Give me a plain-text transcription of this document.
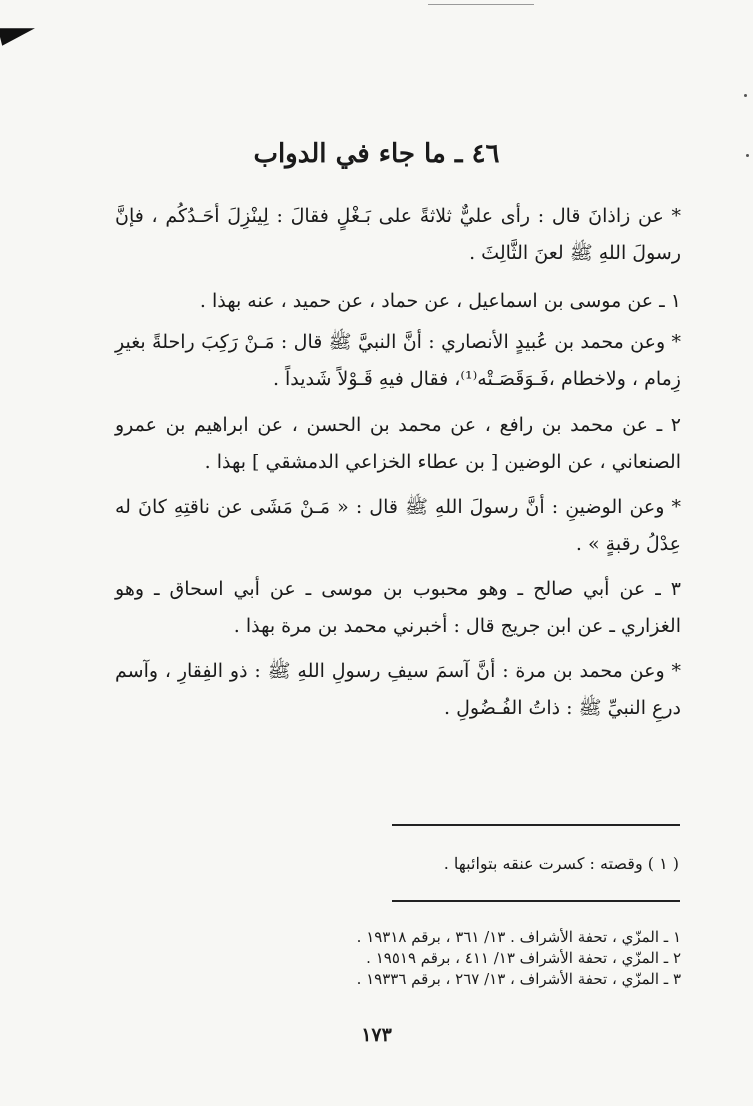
٤٦ ـ ما جاء في الدواب
* عن زاذانَ قال : رأى عليٌّ ثلاثةً على بَـغْلٍ فقالَ : لِينْزِلَ أحَـدُكُم ، فإنَّ رسولَ اللهِ ﷺ لعنَ الثَّالِثَ .
١ ـ عن موسى بن اسماعيل ، عن حماد ، عن حميد ، عنه بهذا .
* وعن محمد بن عُبيدٍ الأنصاري : أنَّ النبيَّ ﷺ قال : مَـنْ رَكِبَ راحلةً بغيرِ زِمام ، ولاخطام ،فَـوَقَصَـتْه⁽¹⁾، فقال فيهِ قَـوْلاً شَديداً .
٢ ـ عن محمد بن رافع ، عن محمد بن الحسن ، عن ابراهيم بن عمرو الصنعاني ، عن الوضين [ بن عطاء الخزاعي الدمشقي ] بهذا .
* وعن الوضينِ : أنَّ رسولَ اللهِ ﷺ قال : « مَـنْ مَشَى عن ناقتِهِ كانَ له عِدْلُ رقبةٍ » .
٣ ـ عن أبي صالح ـ وهو محبوب بن موسى ـ عن أبي اسحاق ـ وهو الغزاري ـ عن ابن جريج قال : أخبرني محمد بن مرة بهذا .
* وعن محمد بن مرة : أنَّ آسمَ سيفِ رسولِ اللهِ ﷺ : ذو الفِقارِ ، وآسم درعِ النبيِّ ﷺ : ذاتُ الفُـضُولِ .
( ١ ) وقصته : كسرت عنقه بتوائبها .
١ ـ المزّي ، تحفة الأشراف . ١٣/ ٣٦١ ، برقم ١٩٣١٨ .
٢ ـ المزّي ، تحفة الأشراف ١٣/ ٤١١ ، برقم ١٩٥١٩ .
٣ ـ المزّي ، تحفة الأشراف ، ١٣/ ٢٦٧ ، برقم ١٩٣٣٦ .
١٧٣
